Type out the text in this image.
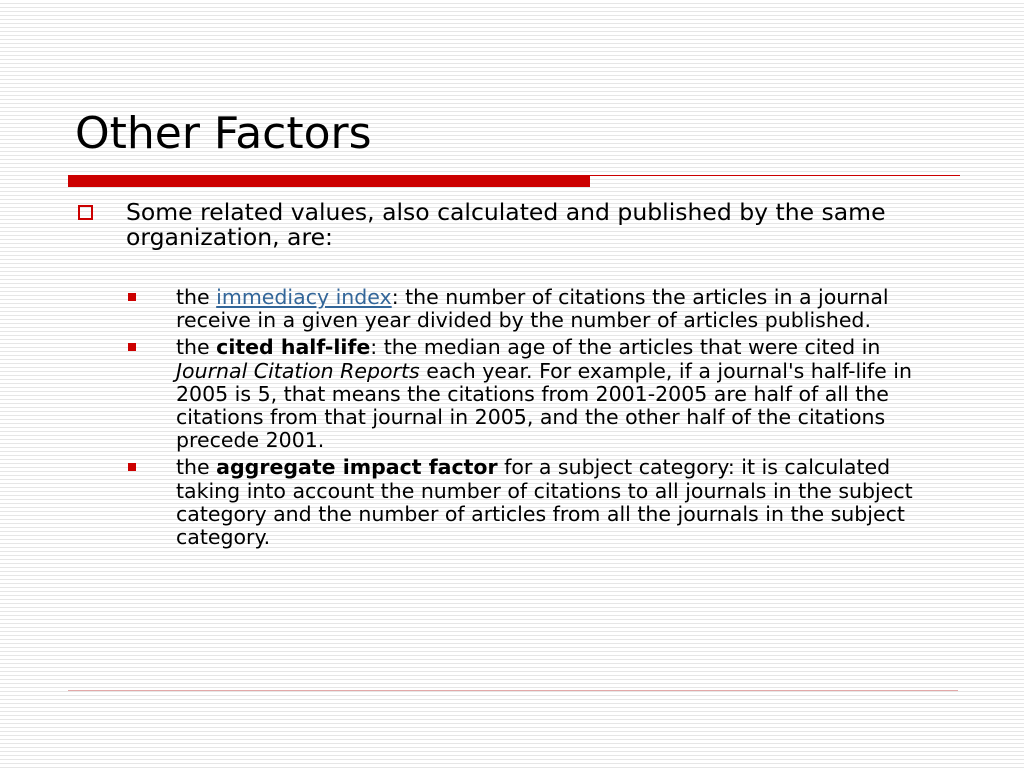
Other Factors
Some related values, also calculated and published by the same organization, are:
the immediacy index: the number of citations the articles in a journal receive in a given year divided by the number of articles published.
the cited half-life: the median age of the articles that were cited in Journal Citation Reports each year. For example, if a journal's half-life in 2005 is 5, that means the citations from 2001-2005 are half of all the citations from that journal in 2005, and the other half of the citations precede 2001.
the aggregate impact factor for a subject category: it is calculated taking into account the number of citations to all journals in the subject category and the number of articles from all the journals in the subject category.
